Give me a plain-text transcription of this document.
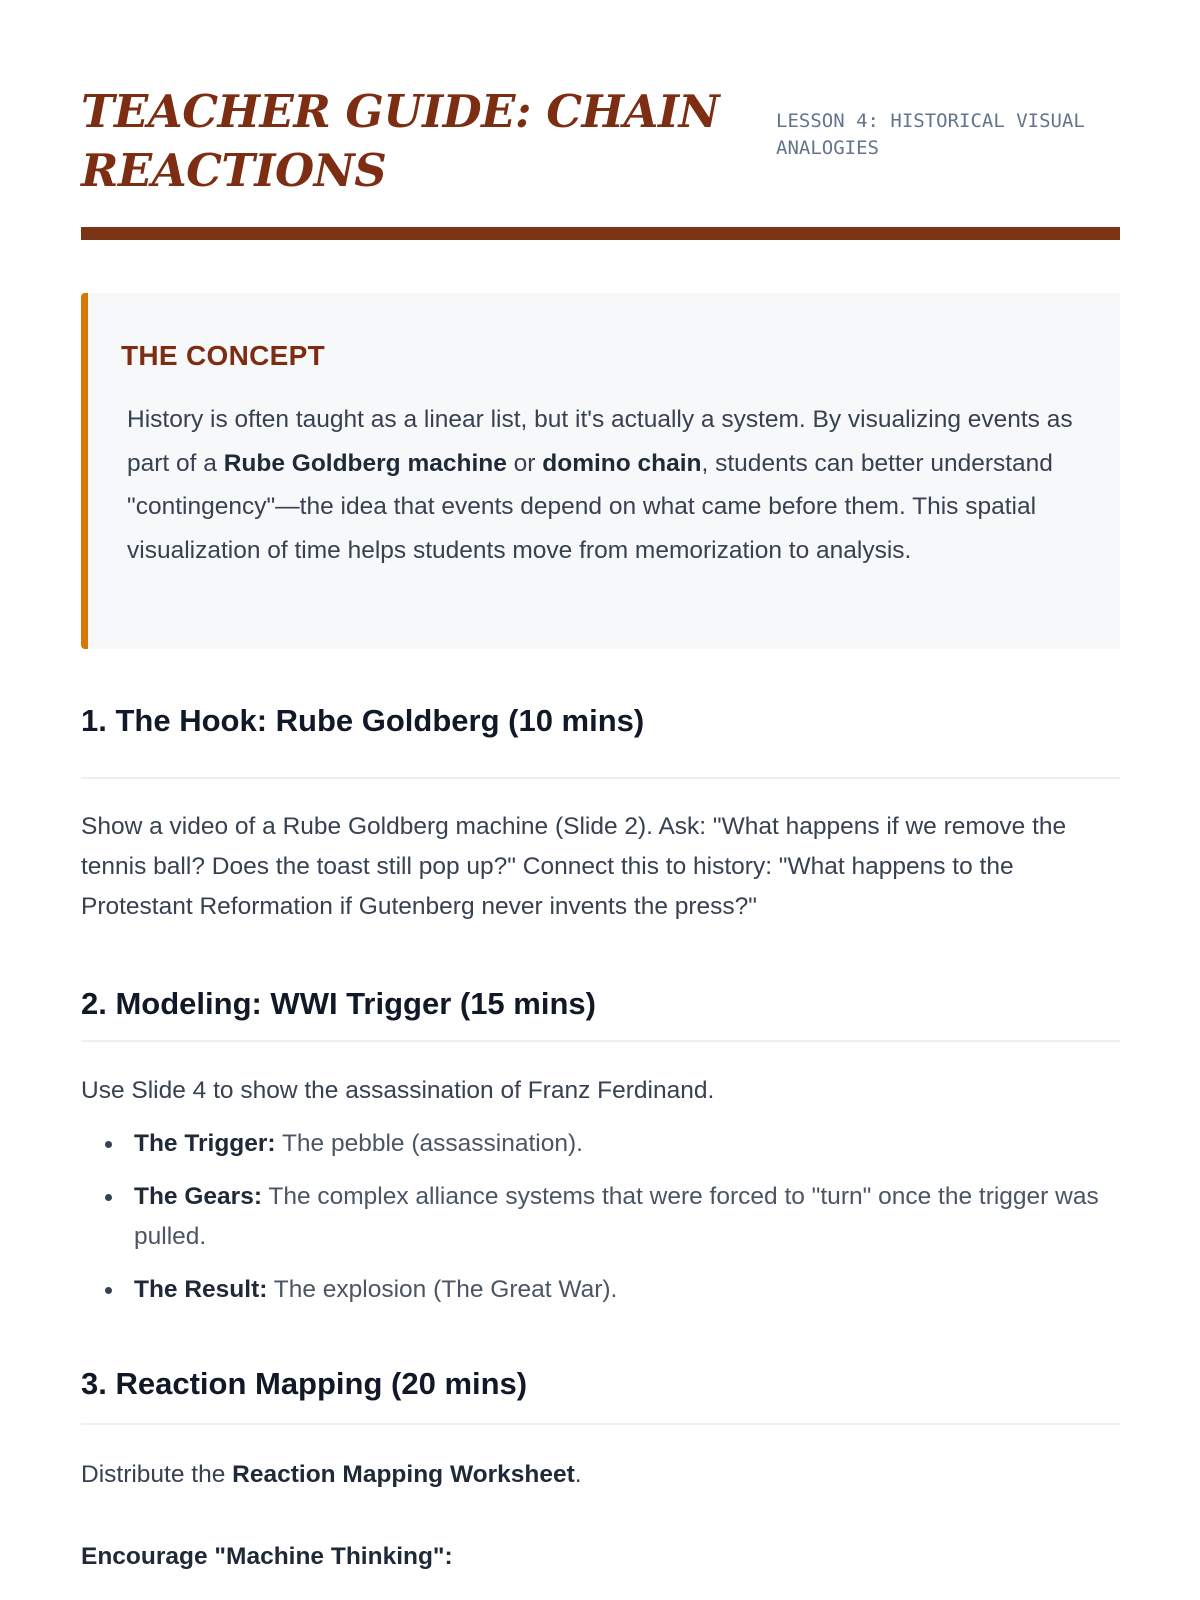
TEACHER GUIDE: CHAIN REACTIONS
LESSON 4: HISTORICAL VISUAL ANALOGIES
THE CONCEPT

History is often taught as a linear list, but it's actually a system. By visualizing events as part of a Rube Goldberg machine or domino chain, students can better understand "contingency"—the idea that events depend on what came before them. This spatial visualization of time helps students move from memorization to analysis.

1. The Hook: Rube Goldberg (10 mins)

Show a video of a Rube Goldberg machine (Slide 2). Ask: "What happens if we remove the tennis ball? Does the toast still pop up?" Connect this to history: "What happens to the Protestant Reformation if Gutenberg never invents the press?"

2. Modeling: WWI Trigger (15 mins)

Use Slide 4 to show the assassination of Franz Ferdinand.

The Trigger: The pebble (assassination).
The Gears: The complex alliance systems that were forced to "turn" once the trigger was pulled.
The Result: The explosion (The Great War).
3. Reaction Mapping (20 mins)

Distribute the Reaction Mapping Worksheet.

Encourage "Machine Thinking":
